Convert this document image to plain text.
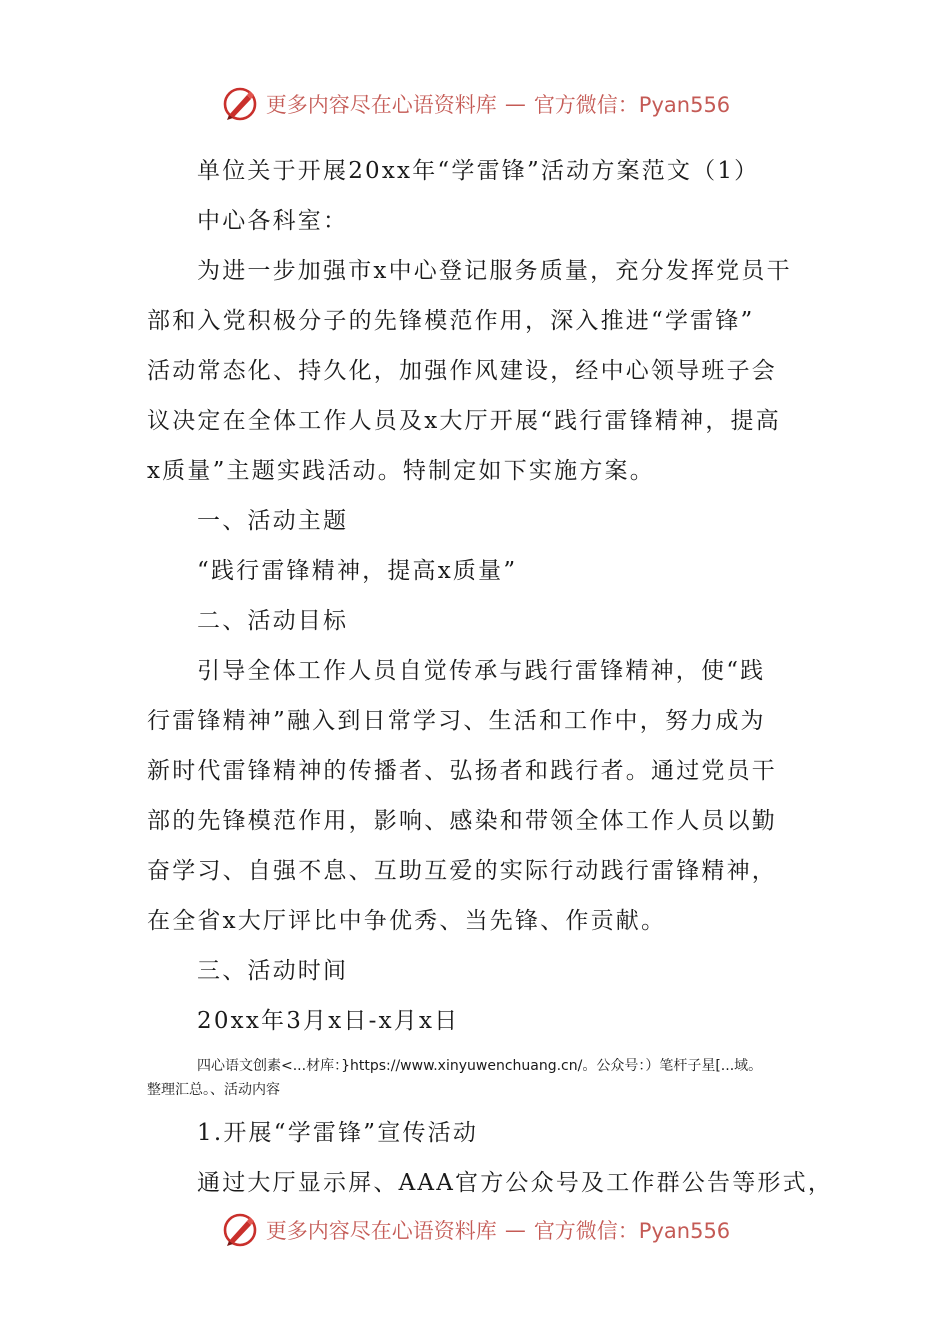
更多内容尽在心语资料库 — 官方微信：Pyan556

单位关于开展20xx年“学雷锋”活动方案范文（1）

中心各科室：

为进一步加强市x中心登记服务质量，充分发挥党员干

部和入党积极分子的先锋模范作用，深入推进“学雷锋”

活动常态化、持久化，加强作风建设，经中心领导班子会

议决定在全体工作人员及x大厅开展“践行雷锋精神，提高

x质量”主题实践活动。特制定如下实施方案。

一、活动主题

“践行雷锋精神，提高x质量”

二、活动目标

引导全体工作人员自觉传承与践行雷锋精神，使“践

行雷锋精神”融入到日常学习、生活和工作中，努力成为

新时代雷锋精神的传播者、弘扬者和践行者。通过党员干

部的先锋模范作用，影响、感染和带领全体工作人员以勤

奋学习、自强不息、互助互爱的实际行动践行雷锋精神，

在全省x大厅评比中争优秀、当先锋、作贡献。

三、活动时间

20xx年3月x日-x月x日

四心语文创素<...材库：}https://www.xinyuwenchuang.cn/。公众号：）笔杆子星[...域。

整理汇总。、活动内容

1.开展“学雷锋”宣传活动

通过大厅显示屏、AAA官方公众号及工作群公告等形式，

更多内容尽在心语资料库 — 官方微信：Pyan556
